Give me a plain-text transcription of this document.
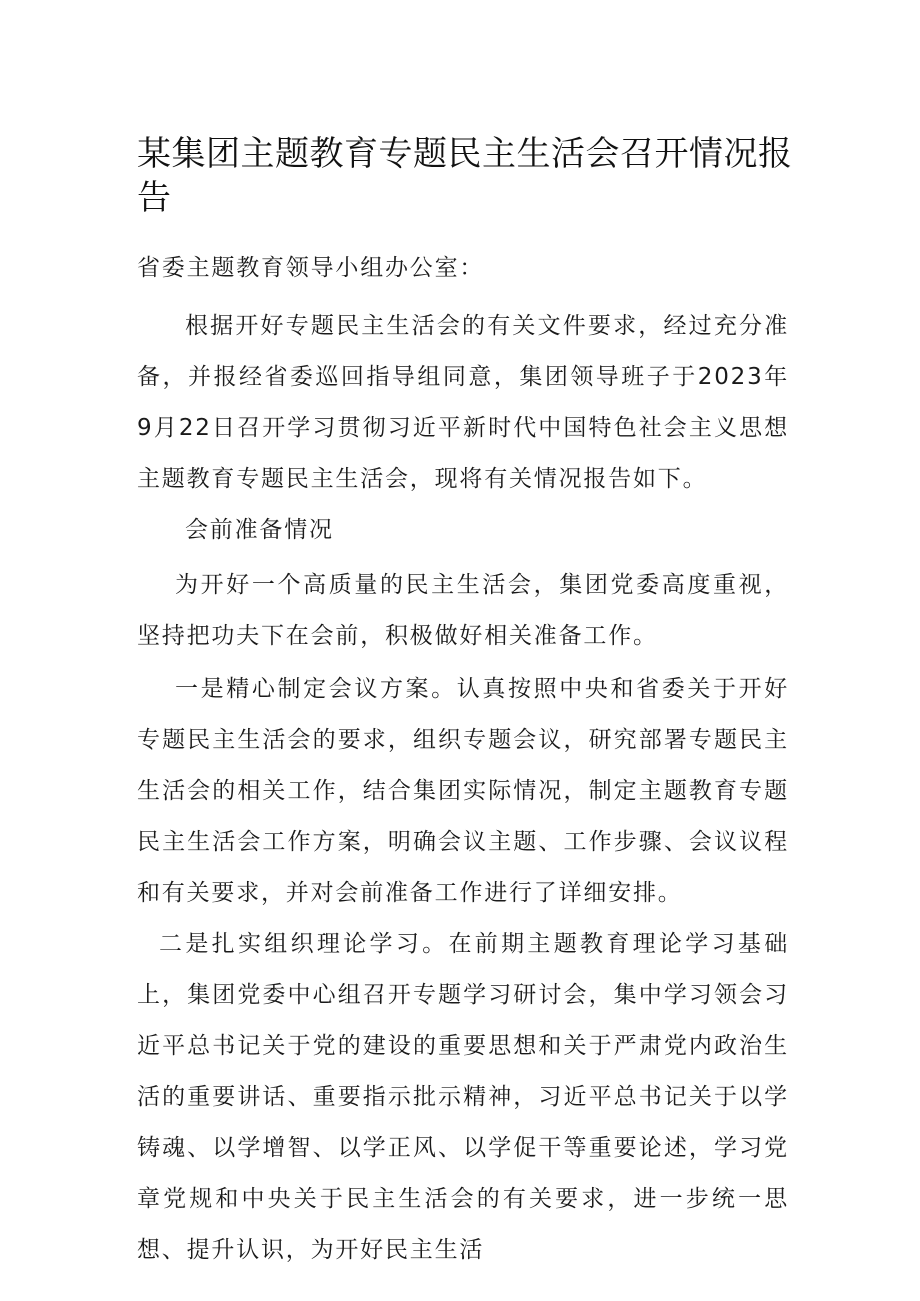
某集团主题教育专题民主生活会召开情况报告

省委主题教育领导小组办公室：

根据开好专题民主生活会的有关文件要求，经过充分准备，并报经省委巡回指导组同意，集团领导班子于2023年9月22日召开学习贯彻习近平新时代中国特色社会主义思想主题教育专题民主生活会，现将有关情况报告如下。

会前准备情况

为开好一个高质量的民主生活会，集团党委高度重视，坚持把功夫下在会前，积极做好相关准备工作。

一是精心制定会议方案。认真按照中央和省委关于开好专题民主生活会的要求，组织专题会议，研究部署专题民主生活会的相关工作，结合集团实际情况，制定主题教育专题民主生活会工作方案，明确会议主题、工作步骤、会议议程和有关要求，并对会前准备工作进行了详细安排。

二是扎实组织理论学习。在前期主题教育理论学习基础上，集团党委中心组召开专题学习研讨会，集中学习领会习近平总书记关于党的建设的重要思想和关于严肃党内政治生活的重要讲话、重要指示批示精神，习近平总书记关于以学铸魂、以学增智、以学正风、以学促干等重要论述，学习党章党规和中央关于民主生活会的有关要求，进一步统一思想、提升认识，为开好民主生活
